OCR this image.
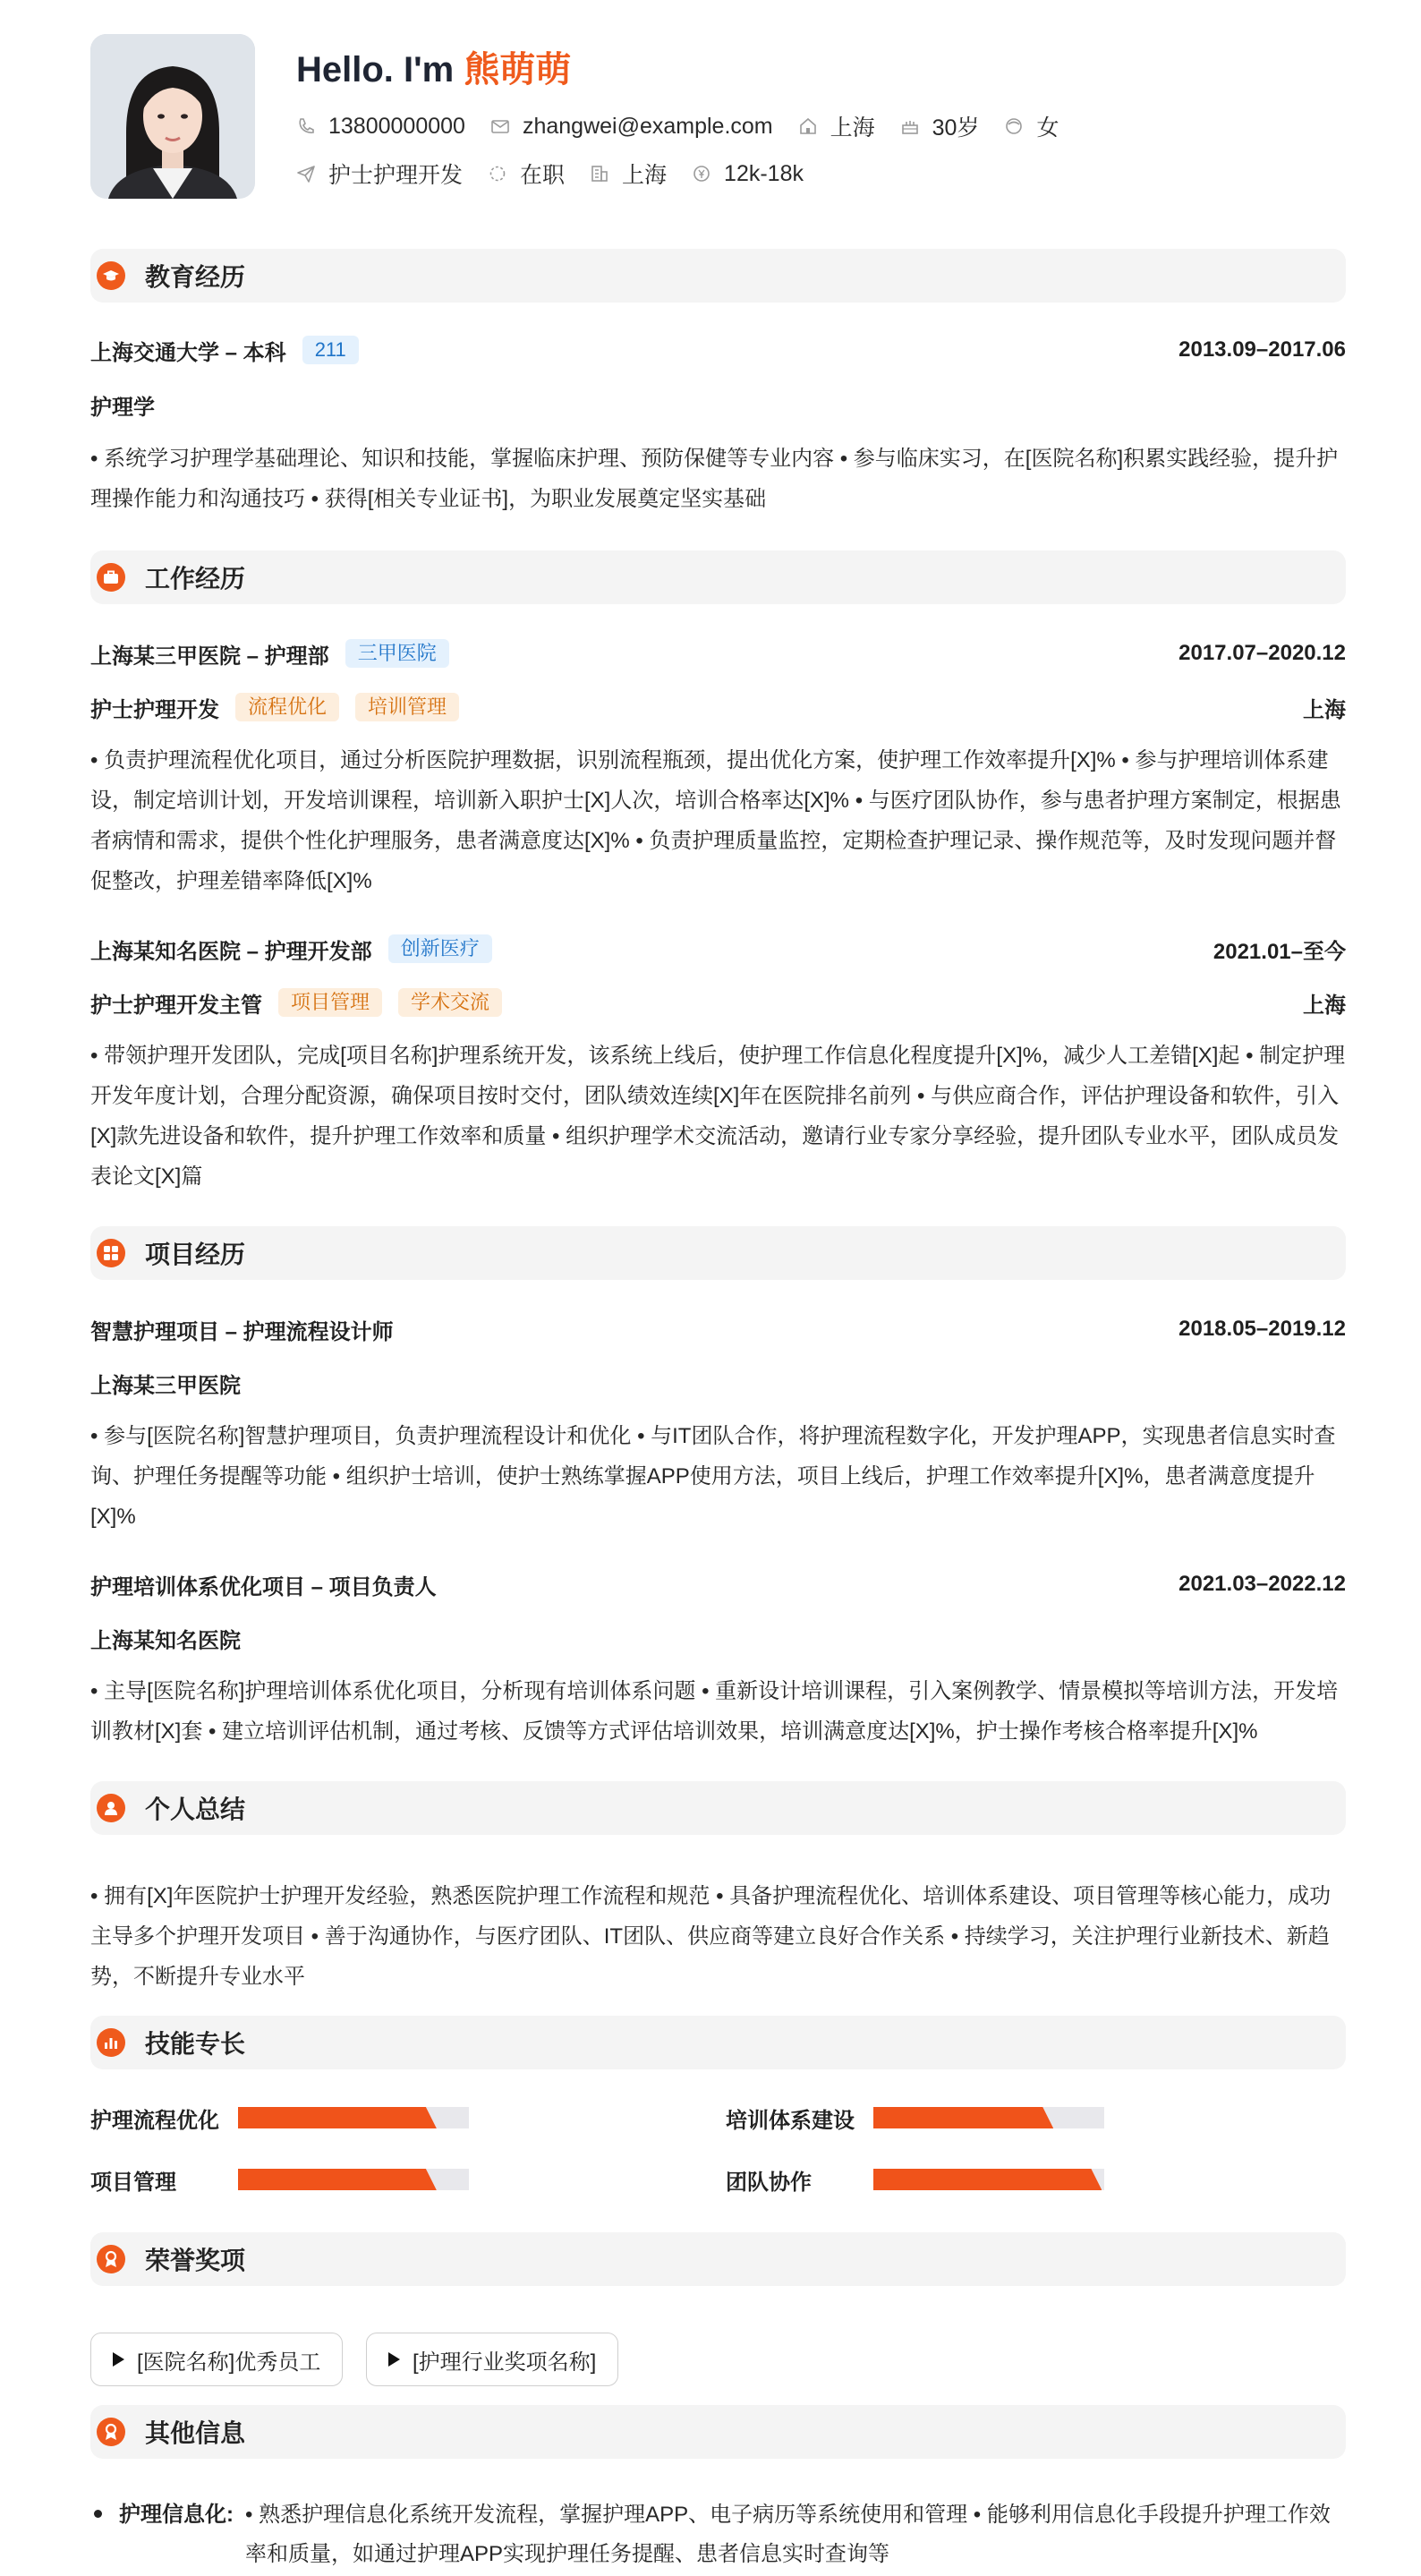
Hello. I'm 熊萌萌
13800000000	zhangwei@example.com	上海	30岁	女
护士护理开发	在职	上海	12k-18k
教育经历
上海交通大学 – 本科	211	2013.09–2017.06
护理学
• 系统学习护理学基础理论、知识和技能，掌握临床护理、预防保健等专业内容 • 参与临床实习，在[医院名称]积累实践经验，提升护理操作能力和沟通技巧 • 获得[相关专业证书]，为职业发展奠定坚实基础
工作经历
上海某三甲医院 – 护理部	三甲医院	2017.07–2020.12
护士护理开发	流程优化	培训管理	上海
• 负责护理流程优化项目，通过分析医院护理数据，识别流程瓶颈，提出优化方案，使护理工作效率提升[X]% • 参与护理培训体系建设，制定培训计划，开发培训课程，培训新入职护士[X]人次，培训合格率达[X]% • 与医疗团队协作，参与患者护理方案制定，根据患者病情和需求，提供个性化护理服务，患者满意度达[X]% • 负责护理质量监控，定期检查护理记录、操作规范等，及时发现问题并督促整改，护理差错率降低[X]%
上海某知名医院 – 护理开发部	创新医疗	2021.01–至今
护士护理开发主管	项目管理	学术交流	上海
• 带领护理开发团队，完成[项目名称]护理系统开发，该系统上线后，使护理工作信息化程度提升[X]%，减少人工差错[X]起 • 制定护理开发年度计划，合理分配资源，确保项目按时交付，团队绩效连续[X]年在医院排名前列 • 与供应商合作，评估护理设备和软件，引入[X]款先进设备和软件，提升护理工作效率和质量 • 组织护理学术交流活动，邀请行业专家分享经验，提升团队专业水平，团队成员发表论文[X]篇
项目经历
智慧护理项目 – 护理流程设计师	2018.05–2019.12
上海某三甲医院
• 参与[医院名称]智慧护理项目，负责护理流程设计和优化 • 与IT团队合作，将护理流程数字化，开发护理APP，实现患者信息实时查询、护理任务提醒等功能 • 组织护士培训，使护士熟练掌握APP使用方法，项目上线后，护理工作效率提升[X]%，患者满意度提升[X]%
护理培训体系优化项目 – 项目负责人	2021.03–2022.12
上海某知名医院
• 主导[医院名称]护理培训体系优化项目，分析现有培训体系问题 • 重新设计培训课程，引入案例教学、情景模拟等培训方法，开发培训教材[X]套 • 建立培训评估机制，通过考核、反馈等方式评估培训效果，培训满意度达[X]%，护士操作考核合格率提升[X]%
个人总结
• 拥有[X]年医院护士护理开发经验，熟悉医院护理工作流程和规范 • 具备护理流程优化、培训体系建设、项目管理等核心能力，成功主导多个护理开发项目 • 善于沟通协作，与医疗团队、IT团队、供应商等建立良好合作关系 • 持续学习，关注护理行业新技术、新趋势，不断提升专业水平
技能专长
护理流程优化	培训体系建设
项目管理	团队协作
荣誉奖项
[医院名称]优秀员工	[护理行业奖项名称]
其他信息
护理信息化: • 熟悉护理信息化系统开发流程，掌握护理APP、电子病历等系统使用和管理 • 能够利用信息化手段提升护理工作效率和质量，如通过护理APP实现护理任务提醒、患者信息实时查询等
